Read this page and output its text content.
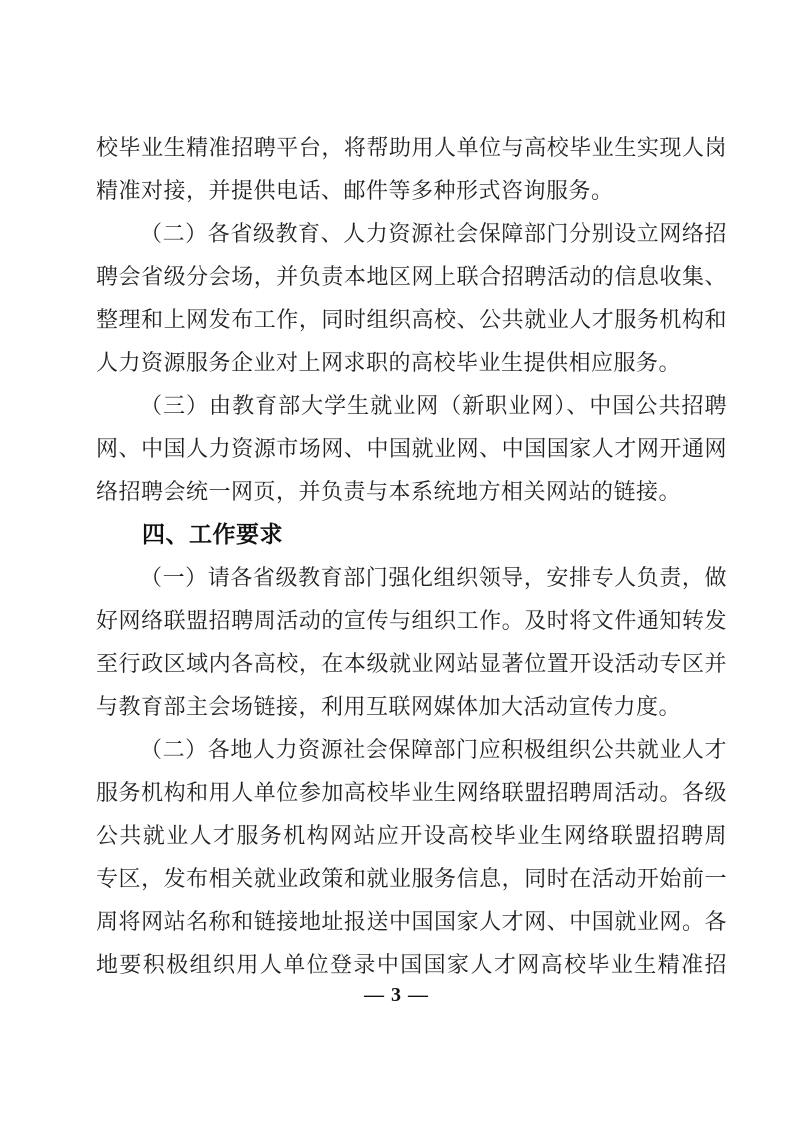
校毕业生精准招聘平台，将帮助用人单位与高校毕业生实现人岗
精准对接，并提供电话、邮件等多种形式咨询服务。
（二）各省级教育、人力资源社会保障部门分别设立网络招
聘会省级分会场，并负责本地区网上联合招聘活动的信息收集、
整理和上网发布工作，同时组织高校、公共就业人才服务机构和
人力资源服务企业对上网求职的高校毕业生提供相应服务。
（三）由教育部大学生就业网（新职业网）、中国公共招聘
网、中国人力资源市场网、中国就业网、中国国家人才网开通网
络招聘会统一网页，并负责与本系统地方相关网站的链接。
四、工作要求
（一）请各省级教育部门强化组织领导，安排专人负责，做
好网络联盟招聘周活动的宣传与组织工作。及时将文件通知转发
至行政区域内各高校，在本级就业网站显著位置开设活动专区并
与教育部主会场链接，利用互联网媒体加大活动宣传力度。
（二）各地人力资源社会保障部门应积极组织公共就业人才
服务机构和用人单位参加高校毕业生网络联盟招聘周活动。各级
公共就业人才服务机构网站应开设高校毕业生网络联盟招聘周
专区，发布相关就业政策和就业服务信息，同时在活动开始前一
周将网站名称和链接地址报送中国国家人才网、中国就业网。各
地要积极组织用人单位登录中国国家人才网高校毕业生精准招
— 3 —
